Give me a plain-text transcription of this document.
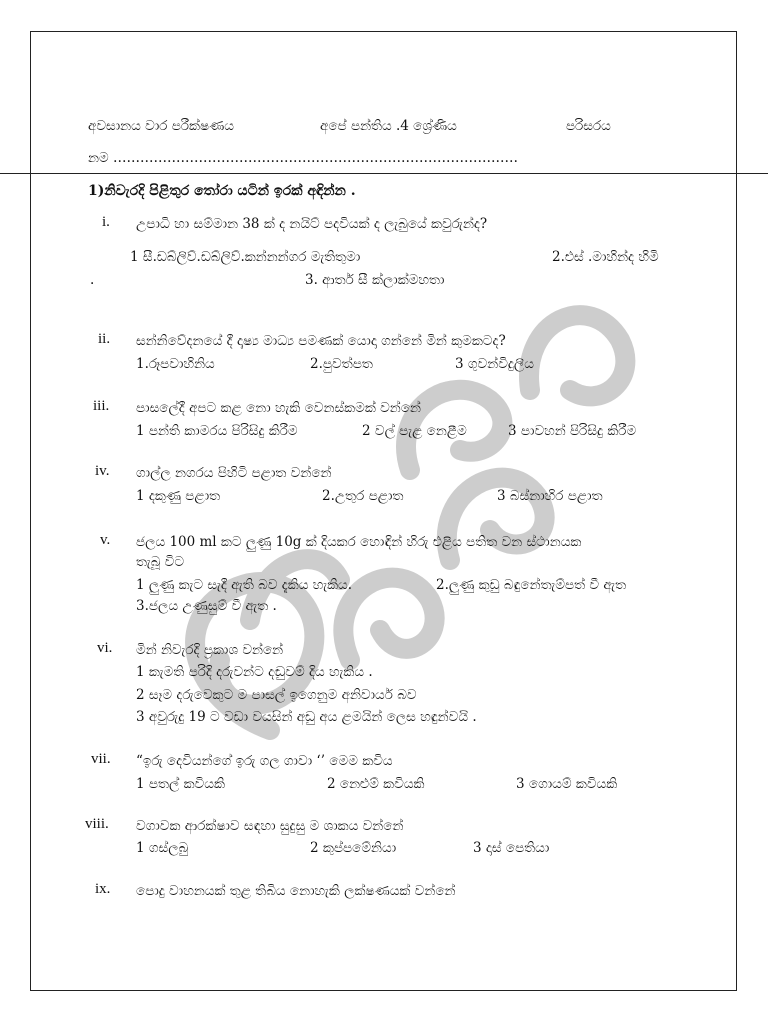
අවසානය වාර පරීක්ෂණය	අපේ පන්තිය .4 ශ්‍රේණිය	පරිසරය
නම ………………………………………………………………………………
1)නිවැරදි පිළිතුර තෝරා යටින් ඉරක් අඳින්න .
i. උපාධි හා සම්මාන 38 ක් ද නයිට් පදවියක් ද ලැබුයේ කවුරුන්ද?
1 සී.ඩබ්ලිව්.ඩබ්ලිව්.කන්නන්ගර මැතිතුමා	2.එස් .මාහින්ද හිමි
.	3. ආතර් සී ක්ලාක්මහතා
ii. සන්නිවේදනයේ දී දෘෂ්‍ය මාධ්‍ය පමණක් යොදා ගන්නේ මින් කුමකටද?
1.රූපවාහිනිය	2.පුවත්පත	3 ගුවන්විදුලිය
iii. පාසලේදී අපට කළ නො හැකි වෙනස්කමක් වන්නේ
1 පන්ති කාමරය පිරිසිදු කිරීම	2 වල් පැළ නෙළීම	3 පාවහන් පිරිසිදු කිරීම
iv. ගාල්ල නගරය පිහිටි පළාත වන්නේ
1 දකුණු පළාත	2.උතුර පළාත	3 බස්නාහිර පළාත
v. ජලය 100 ml කට ලුණු 10g ක් දියකර හොඳින් හිරු එළිය පතිත වන ස්ථානයක
තැබූ විට
1 ලුණු කැට සැදී ඇති බව දැකිය හැකිය.	2.ලුණු කුඩු බඳුනේතැම්පත් වී ඇත
3.ජලය උණුසුම් වී ඇත .
vi. මින් නිවැරදි ප්‍රකාශ වන්නේ
1 කැමති පරිදි දරුවන්ට දඬුවම් දිය හැකිය .
2 සෑම දරුවෙකුට ම පාසල් ඉගෙනුම අනිවාර්ය බව
3 අවුරුදු 19 ට වඩා වයසින් අඩු අය ළමයින් ලෙස හඳුන්වයි .
vii. “ඉරු දෙවියන්ගේ ඉරු ගල ගාවා ‘’ මෙම කවිය
1 පතල් කවියකි	2 නෙළුම් කවියකි	3 ගොයම් කවියකි
viii. වගාවක ආරක්ෂාව සඳහා සුදුසු ම ශාකය වන්නේ
1 ගස්ලබු	2 කුප්පමේනියා	3 දාස් පෙතියා
ix. පොදු වාහනයක් තුළ තිබිය නොහැකි ලක්ෂණයක් වන්නේ
